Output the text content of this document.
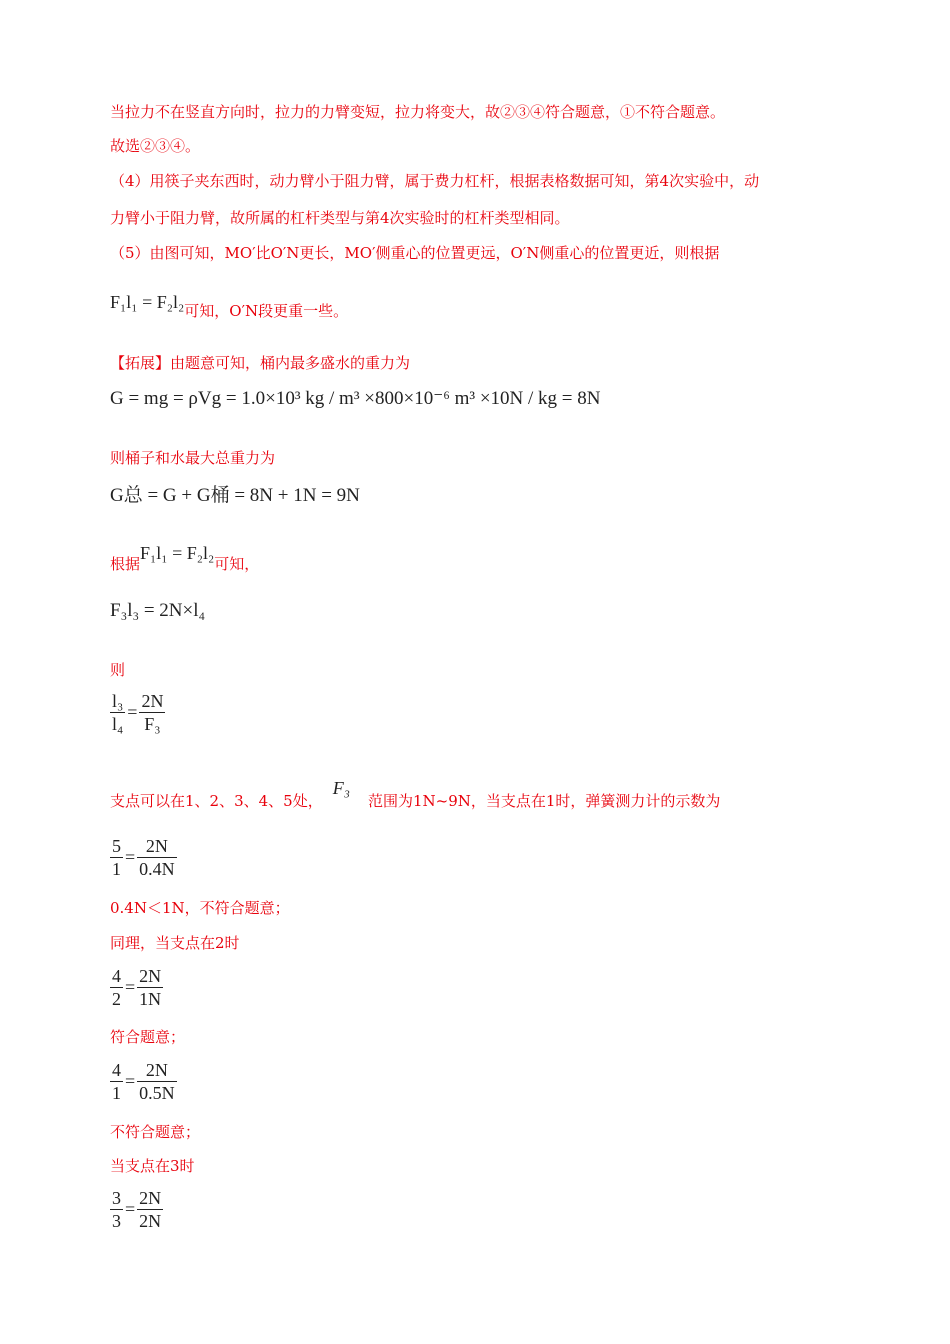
当拉力不在竖直方向时，拉力的力臂变短，拉力将变大，故②③④符合题意，①不符合题意。
故选②③④。
（4）用筷子夹东西时，动力臂小于阻力臂，属于费力杠杆，根据表格数据可知，第4次实验中，动
力臂小于阻力臂，故所属的杠杆类型与第4次实验时的杠杆类型相同。
（5）由图可知，MO′比O′N更长，MO′侧重心的位置更远，O′N侧重心的位置更近，则根据
F₁l₁ = F₂l₂可知，O′N段更重一些。
【拓展】由题意可知，桶内最多盛水的重力为
G = mg = ρVg = 1.0×10³ kg / m³ ×800×10⁻⁶ m³ ×10N / kg = 8N
则桶子和水最大总重力为
G总 = G + G桶 = 8N + 1N = 9N
根据F₁l₁ = F₂l₂可知，
F₃l₃ = 2N×l₄
则
$\frac{\text{l₃}}{\text{l₄}} = \frac{2N}{\text{F₃}}$
支点可以在1、2、3、4、5处，F₃范围为1N~9N，当支点在1时，弹簧测力计的示数为
$\frac{5}{1} = \frac{2N}{0.4N}$
0.4N＜1N，不符合题意；
同理，当支点在2时
$\frac{4}{2} = \frac{2N}{1N}$
符合题意；
$\frac{4}{1} = \frac{2N}{0.5N}$
不符合题意；
当支点在3时
$\frac{3}{3} = \frac{2N}{2N}$
